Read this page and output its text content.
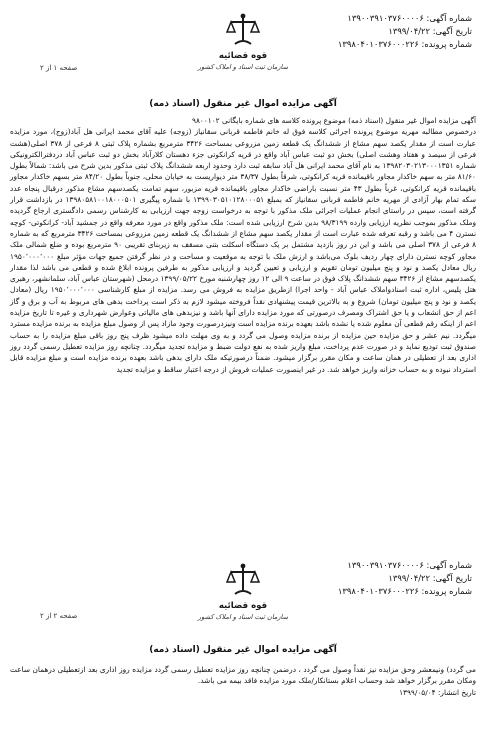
شماره آگهی: ۱۳۹۰۰۳۹۱۰۳۷۶۰۰۰۰۶
تاریخ آگهی: ۱۳۹۹/۰۴/۲۲
شماره پرونده: ۱۳۹۸۰۴۰۱۰۳۷۶۰۰۰۲۲۶
قوه قضائیه
سازمان ثبت اسناد و املاک کشور
صفحه ۱ از ۲
آگهی مزایده اموال غیر منقول (اسناد ذمه)

آگهی مزایده اموال غیر منقول (اسناد ذمه) موضوع پرونده کلاسه های شماره بایگانی ۹۸۰۰۱۰۲

درخصوص مطالبه مهریه موضوع پرونده اجرائی کلاسه فوق له خانم فاطمه قربانی سقانیاز (زوجه) علیه آقای محمد ایرانی هل آباد(زوج)، مورد مزایده عبارت است از مقدار یکصد سهم مشاع از ششدانگ یک قطعه زمین مزروعی بمساحت ۳۴۲۶ مترمربع بشماره پلاک ثبتی ۸ فرعی از ۳۷۸ اصلی(هشت فرعی از سیصد و هفتاد وهشت اصلی) بخش دو ثبت عباس آباد واقع در قریه کرانکوتی جزء دهستان کلارآباد بخش دو ثبت عباس آباد دردفترالکترونیکی شماره ۱۳۹۸۲۰۳۰۲۱۳۰۰۰۱۳۵۱ به نام آقای محمد ایرانی هل آباد سابقه ثبت دارد وحدود اربعه ششدانگ پلاک ثبتی مذکور بدین شرح می باشد: شمالاً بطول ۸۱/۶۰ متر به سهم خاکدار مجاور باقیمانده قریه کرانکوتی، شرقاً بطول ۳۸/۳۷ متر دیواریست به خیابان محلی، جنوباً بطول ۸۴/۲۰ متر بسهم خاکدار مجاور باقیمانده قریه کرانکوتی، غرباً بطول ۴۳ متر نسبت باراضی خاکدار مجاور باقیمانده قریه مزبور، سهم تمامت یکصدسهم مشاع مذکور درقبال پنجاه عدد سکه تمام بهار آزادی از مهریه خانم فاطمه قربانی سقانیاز که بمبلغ ۱۳۹۹۰۳۰۵۱۰۱۲۸۰۰۰۵۱ با شماره پیگیری ۱۳۹۸۰۵۸۱۰۰۱۸۰۰۰۵۰۱ در بازداشت قرار گرفته است، سپس در راستای انجام عملیات اجرائی ملک مذکور با توجه به درخواست زوجه جهت ارزیابی به کارشناس رسمی دادگستری ارجاع گردیده وملک مذکور بموجب نظریه ارزیابی وارده ۹۸/۳۱۹۹ بدین شرح ارزیابی شده است: ملک مذکور واقع در مورد معرفه واقع در جمشید آباد- کرانکوتی- کوچه نسترن ۴ می باشد و رقبه تعرفه شده عبارت است از مقدار یکصد سهم مشاع از ششدانگ یک قطعه زمین مزروعی بمساحت ۳۴۲۶ مترمربع که به شماره ۸ فرعی از ۳۷۸ اصلی می باشد و این در روز بازدید مشتمل بر یک دستگاه اسکلت بتنی مسقف به زیربنای تقریبی ۹۰ مترمربع بوده و ضلع شمالی ملک مجاور کوچه نسترن دارای چهار ردیف بلوک می‌باشد و ارزش ملک با توجه به موقعیت و مساحت و در نظر گرفتن جمیع جهات مؤثر مبلغ ۱۹۵۰٬۰۰۰٬۰۰۰ ریال معادل یکصد و نود و پنج میلیون تومان تقویم و ارزیابی و تعیین گردید و ارزیابی مذکور به طرفین پرونده ابلاغ شده و قطعی می باشد لذا مقدار یکصدسهم مشاع از ۳۴۲۶ سهم ششدانگ پلاک فوق در ساعت ۹ الی ۱۲ روز چهارشنبه مورخ ۱۳۹۹/۰۵/۲۲ درمحل (شهرستان عباس آباد، سلمانشهر، رهبری هتل پلیس، اداره ثبت اسنادواملاک عباس آباد - واحد اجرا) ازطریق مزایده به فروش می رسد. مزایده از مبلغ کارشناسی ۱۹۵۰٬۰۰۰٬۰۰۰ ریال (معادل یکصد و نود و پنج میلیون تومان) شروع و به بالاترین قیمت پیشنهادی نقداً فروخته میشود لازم به ذکر است پرداخت بدهی های مربوط به آب و برق و گاز اعم از حق انشعاب و یا حق اشتراک ومصرف درصورتی که مورد مزایده دارای آنها باشد و نیزبدهی های مالیاتی وعوارض شهرداری و غیره تا تاریخ مزایده اعم از اینکه رقم قطعی آن معلوم شده یا نشده باشد بعهده برنده مزایده است ونیزدرصورت وجود مازاد پس از وصول مبلغ مزایده به برنده مزایده مسترد میگردد. نیم عشر و حق مزایده حین مزایده از برنده مزایده وصول می گردد و به وی مهلت داده میشود ظرف پنج روز باقی مبلغ مزایده را به حساب صندوق ثبت تودیع نماید و در صورت عدم پرداخت، مبلغ واریز شده به نفع دولت ضبط و مزایده تجدید میگردد. چنانچه روز مزایده تعطیل رسمی گردد روز اداری بعد از تعطیلی در همان ساعت و مکان مقرر برگزار میشود. ضمناً درصورتیکه ملک دارای بدهی باشد بعهده برنده مزایده است و مبلغ مزایده قابل استرداد نبوده و به حساب خزانه واریز خواهد شد. در غیر اینصورت عملیات فروش از درجه اعتبار ساقط و مزایده تجدید

شماره آگهی: ۱۳۹۰۰۳۹۱۰۳۷۶۰۰۰۰۶
تاریخ آگهی: ۱۳۹۹/۰۴/۲۲
شماره پرونده: ۱۳۹۸۰۴۰۱۰۳۷۶۰۰۰۲۲۶
قوه قضائیه
سازمان ثبت اسناد و املاک کشور
صفحه ۲ از ۲
آگهی مزایده اموال غیر منقول (اسناد ذمه)

می گردد) ونیمعشر وحق مزایده نیز نقداً وصول می گردد ، درضمن چنانچه روز مزایده تعطیل رسمی گردد مزایده روز اداری بعد ازتعطیلی درهمان ساعت ومکان مقرر برگزار خواهد شد وحساب اعلام بستانکار/ملک مورد مزایده فاقد بیمه می باشد.

تاریخ انتشار: ۱۳۹۹/۰۵/۰۴
